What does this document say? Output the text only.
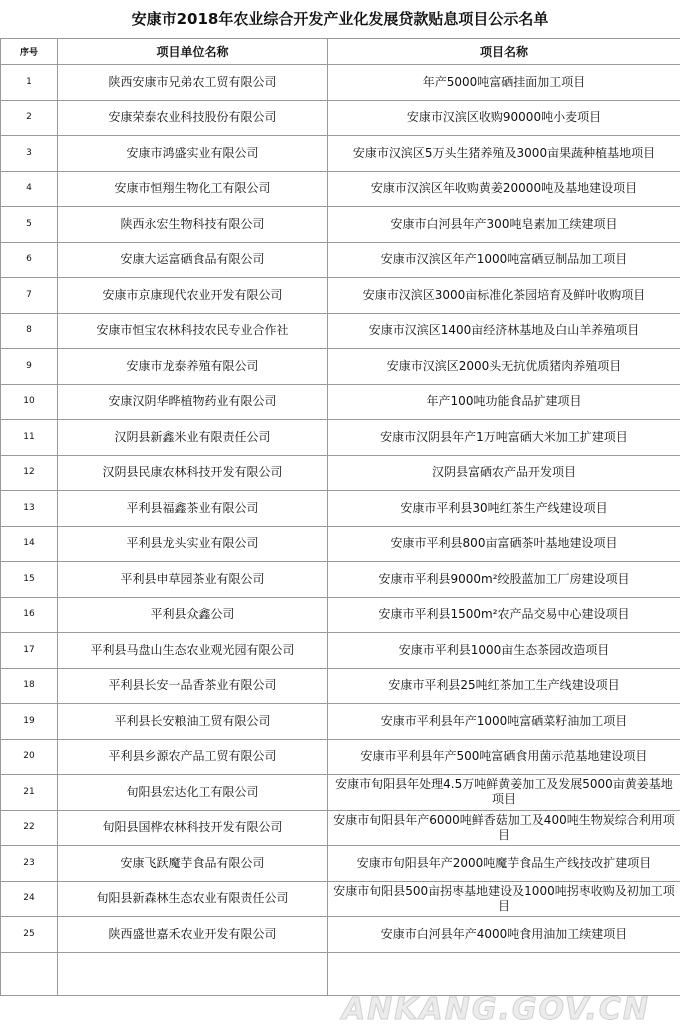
安康市2018年农业综合开发产业化发展贷款贴息项目公示名单
序号	项目单位名称	项目名称
1	陕西安康市兄弟农工贸有限公司	年产5000吨富硒挂面加工项目
2	安康荣泰农业科技股份有限公司	安康市汉滨区收购90000吨小麦项目
3	安康市鸿盛实业有限公司	安康市汉滨区5万头生猪养殖及3000亩果蔬种植基地项目
4	安康市恒翔生物化工有限公司	安康市汉滨区年收购黄姜20000吨及基地建设项目
5	陕西永宏生物科技有限公司	安康市白河县年产300吨皂素加工续建项目
6	安康大运富硒食品有限公司	安康市汉滨区年产1000吨富硒豆制品加工项目
7	安康市京康现代农业开发有限公司	安康市汉滨区3000亩标准化茶园培育及鲜叶收购项目
8	安康市恒宝农林科技农民专业合作社	安康市汉滨区1400亩经济林基地及白山羊养殖项目
9	安康市龙泰养殖有限公司	安康市汉滨区2000头无抗优质猪肉养殖项目
10	安康汉阴华晔植物药业有限公司	年产100吨功能食品扩建项目
11	汉阴县新鑫米业有限责任公司	安康市汉阴县年产1万吨富硒大米加工扩建项目
12	汉阴县民康农林科技开发有限公司	汉阴县富硒农产品开发项目
13	平利县福鑫茶业有限公司	安康市平利县30吨红茶生产线建设项目
14	平利县龙头实业有限公司	安康市平利县800亩富硒茶叶基地建设项目
15	平利县申草园茶业有限公司	安康市平利县9000m²绞股蓝加工厂房建设项目
16	平利县众鑫公司	安康市平利县1500m²农产品交易中心建设项目
17	平利县马盘山生态农业观光园有限公司	安康市平利县1000亩生态茶园改造项目
18	平利县长安一品香茶业有限公司	安康市平利县25吨红茶加工生产线建设项目
19	平利县长安粮油工贸有限公司	安康市平利县年产1000吨富硒菜籽油加工项目
20	平利县乡源农产品工贸有限公司	安康市平利县年产500吨富硒食用菌示范基地建设项目
21	旬阳县宏达化工有限公司	安康市旬阳县年处理4.5万吨鲜黄姜加工及发展5000亩黄姜基地项目
22	旬阳县国桦农林科技开发有限公司	安康市旬阳县年产6000吨鲜香菇加工及400吨生物炭综合利用项目
23	安康飞跃魔芋食品有限公司	安康市旬阳县年产2000吨魔芋食品生产线技改扩建项目
24	旬阳县新森林生态农业有限责任公司	安康市旬阳县500亩拐枣基地建设及1000吨拐枣收购及初加工项目
25	陕西盛世嘉禾农业开发有限公司	安康市白河县年产4000吨食用油加工续建项目

ANKANG.GOV.CN
